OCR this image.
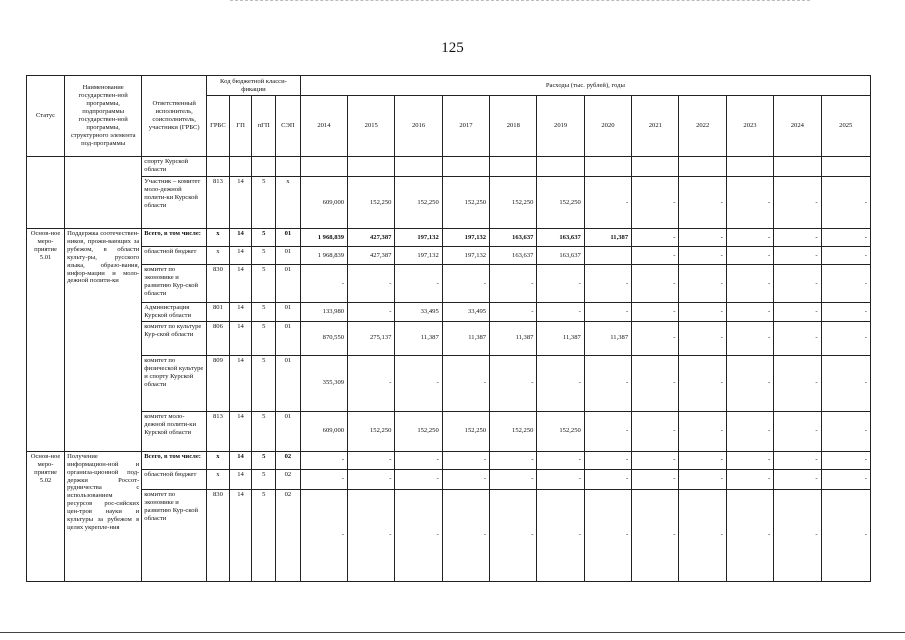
125
Статус	Наименование государствен-ной программы, подпрограммы государствен-ной программы, структурного элемента под-программы	Ответственный исполнитель, соисполнитель, участники (ГРБС)	Код бюджетной класси-фикации				Расходы (тыс. рублей), годы											
			ГРБС	ГП	пГП	СЭП	2014	2015	2016	2017	2018	2019	2020	2021	2022	2023	2024	2025
		спорту Курской области																
		Участник – комитет моло-дежной полити-ки Курской области	813	14	5	х	609,000	152,250	152,250	152,250	152,250	152,250	-	-	-	-	-	-
Основ-ное меро-приятие 5.01	Поддержка соотечествен-ников, прожи-вающих за рубежом, в области культу-ры, русского языка, образо-вания, инфор-мации и моло-дежной полити-ки	Всего, в том числе:	х	14	5	01	1 968,839	427,387	197,132	197,132	163,637	163,637	11,387	-	-	-	-	-
		областной бюджет	х	14	5	01	1 968,839	427,387	197,132	197,132	163,637	163,637		-	-	-	-	-
		комитет по экономике и развитию Кур-ской области	830	14	5	01	-	-	-	-	-	-	-	-	-	-	-	-
		Администрация Курской области	801	14	5	01	133,980	-	33,495	33,495	-	-	-	-	-	-	-	-
		комитет по культуре Кур-ской области	806	14	5	01	870,550	275,137	11,387	11,387	11,387	11,387	11,387	-	-	-	-	-
		комитет по физической культуре и спорту Курской области	809	14	5	01	355,309	-	-	-	-	-	-	-	-	-	-	-
		комитет моло-дежной полити-ки Курской области	813	14	5	01	609,000	152,250	152,250	152,250	152,250	152,250	-	-	-	-	-	-
Основ-ное меро-приятие 5.02	Получение информацион-ной и организа-ционной под-держки Россот-рудничества с использованием ресурсов рос-сийских цен-тров науки и культуры за рубежом в целях укрепле-ния	Всего, в том числе:	х	14	5	02	-	-	-	-	-	-	-	-	-	-	-	-
		областной бюджет	х	14	5	02	-	-	-	-	-	-	-	-	-	-	-	-
		комитет по экономике и развитию Кур-ской области	830	14	5	02	-	-	-	-	-	-	-	-	-	-	-	-
